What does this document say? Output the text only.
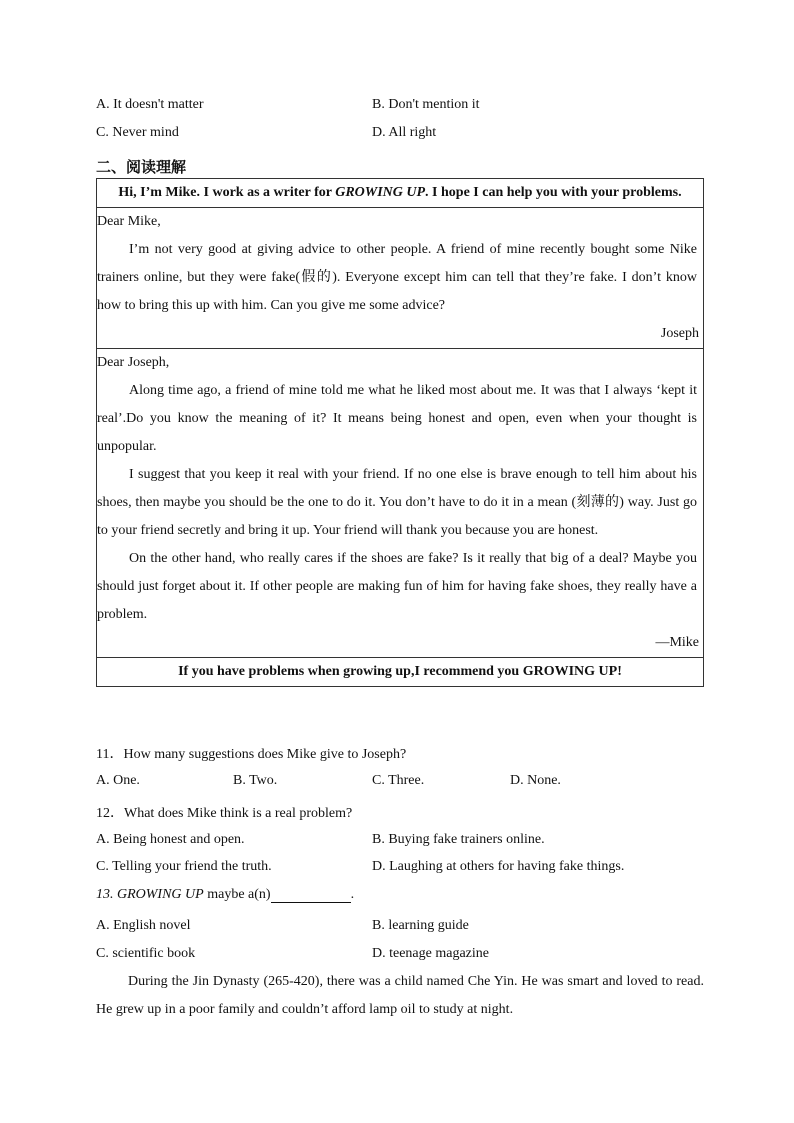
A. It doesn't matter	B. Don't mention it
C. Never mind	D. All right
二、阅读理解
Hi, I’m Mike. I work as a writer for GROWING UP. I hope I can help you with your problems.
Dear Mike,
I’m not very good at giving advice to other people. A friend of mine recently bought some Nike trainers online, but they were fake(假的). Everyone except him can tell that they’re fake. I don’t know how to bring this up with him. Can you give me some advice?
Joseph
Dear Joseph,
Along time ago, a friend of mine told me what he liked most about me. It was that I always ‘kept it real’.Do you know the meaning of it? It means being honest and open, even when your thought is unpopular.
I suggest that you keep it real with your friend. If no one else is brave enough to tell him about his shoes, then maybe you should be the one to do it. You don’t have to do it in a mean (刻薄的) way. Just go to your friend secretly and bring it up. Your friend will thank you because you are honest.
On the other hand, who really cares if the shoes are fake? Is it really that big of a deal? Maybe you should just forget about it. If other people are making fun of him for having fake shoes, they really have a problem.
—Mike
If you have problems when growing up,I recommend you GROWING UP!
11．How many suggestions does Mike give to Joseph?
A. One.	B. Two.	C. Three.	D. None.
12．What does Mike think is a real problem?
A. Being honest and open.	B. Buying fake trainers online.
C. Telling your friend the truth.	D. Laughing at others for having fake things.
13. GROWING UP maybe a(n)	.
A. English novel	B. learning guide
C. scientific book	D. teenage magazine
During the Jin Dynasty (265-420), there was a child named Che Yin. He was smart and loved to read. He grew up in a poor family and couldn’t afford lamp oil to study at night.
